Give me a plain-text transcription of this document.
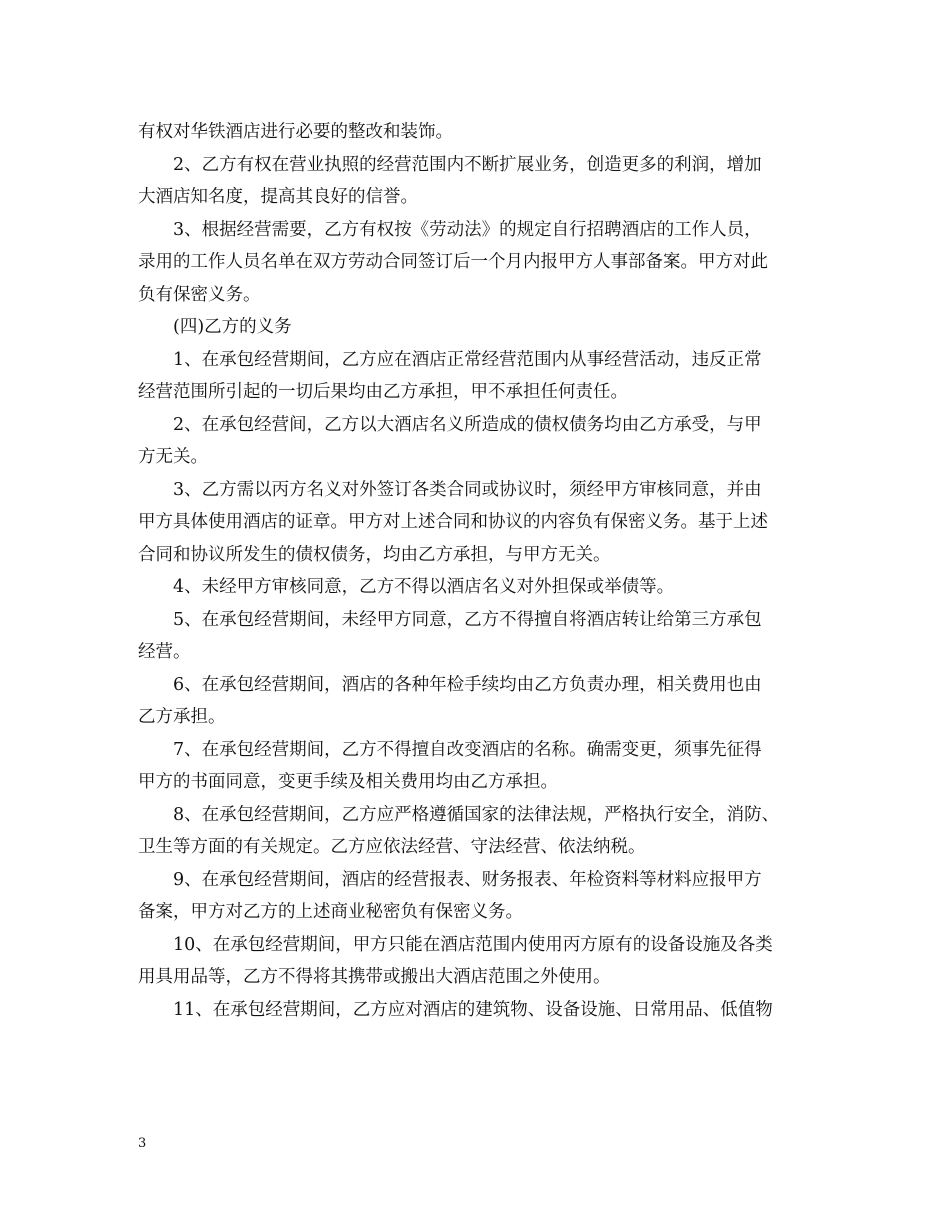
有权对华铁酒店进行必要的整改和装饰。
2、乙方有权在营业执照的经营范围内不断扩展业务，创造更多的利润，增加
大酒店知名度，提高其良好的信誉。
3、根据经营需要，乙方有权按《劳动法》的规定自行招聘酒店的工作人员，
录用的工作人员名单在双方劳动合同签订后一个月内报甲方人事部备案。甲方对此
负有保密义务。
(四)乙方的义务
1、在承包经营期间，乙方应在酒店正常经营范围内从事经营活动，违反正常
经营范围所引起的一切后果均由乙方承担，甲不承担任何责任。
2、在承包经营间，乙方以大酒店名义所造成的债权债务均由乙方承受，与甲
方无关。
3、乙方需以丙方名义对外签订各类合同或协议时，须经甲方审核同意，并由
甲方具体使用酒店的证章。甲方对上述合同和协议的内容负有保密义务。基于上述
合同和协议所发生的债权债务，均由乙方承担，与甲方无关。
4、未经甲方审核同意，乙方不得以酒店名义对外担保或举债等。
5、在承包经营期间，未经甲方同意，乙方不得擅自将酒店转让给第三方承包
经营。
6、在承包经营期间，酒店的各种年检手续均由乙方负责办理，相关费用也由
乙方承担。
7、在承包经营期间，乙方不得擅自改变酒店的名称。确需变更，须事先征得
甲方的书面同意，变更手续及相关费用均由乙方承担。
8、在承包经营期间，乙方应严格遵循国家的法律法规，严格执行安全，消防、
卫生等方面的有关规定。乙方应依法经营、守法经营、依法纳税。
9、在承包经营期间，酒店的经营报表、财务报表、年检资料等材料应报甲方
备案，甲方对乙方的上述商业秘密负有保密义务。
10、在承包经营期间，甲方只能在酒店范围内使用丙方原有的设备设施及各类
用具用品等，乙方不得将其携带或搬出大酒店范围之外使用。
11、在承包经营期间，乙方应对酒店的建筑物、设备设施、日常用品、低值物
3
